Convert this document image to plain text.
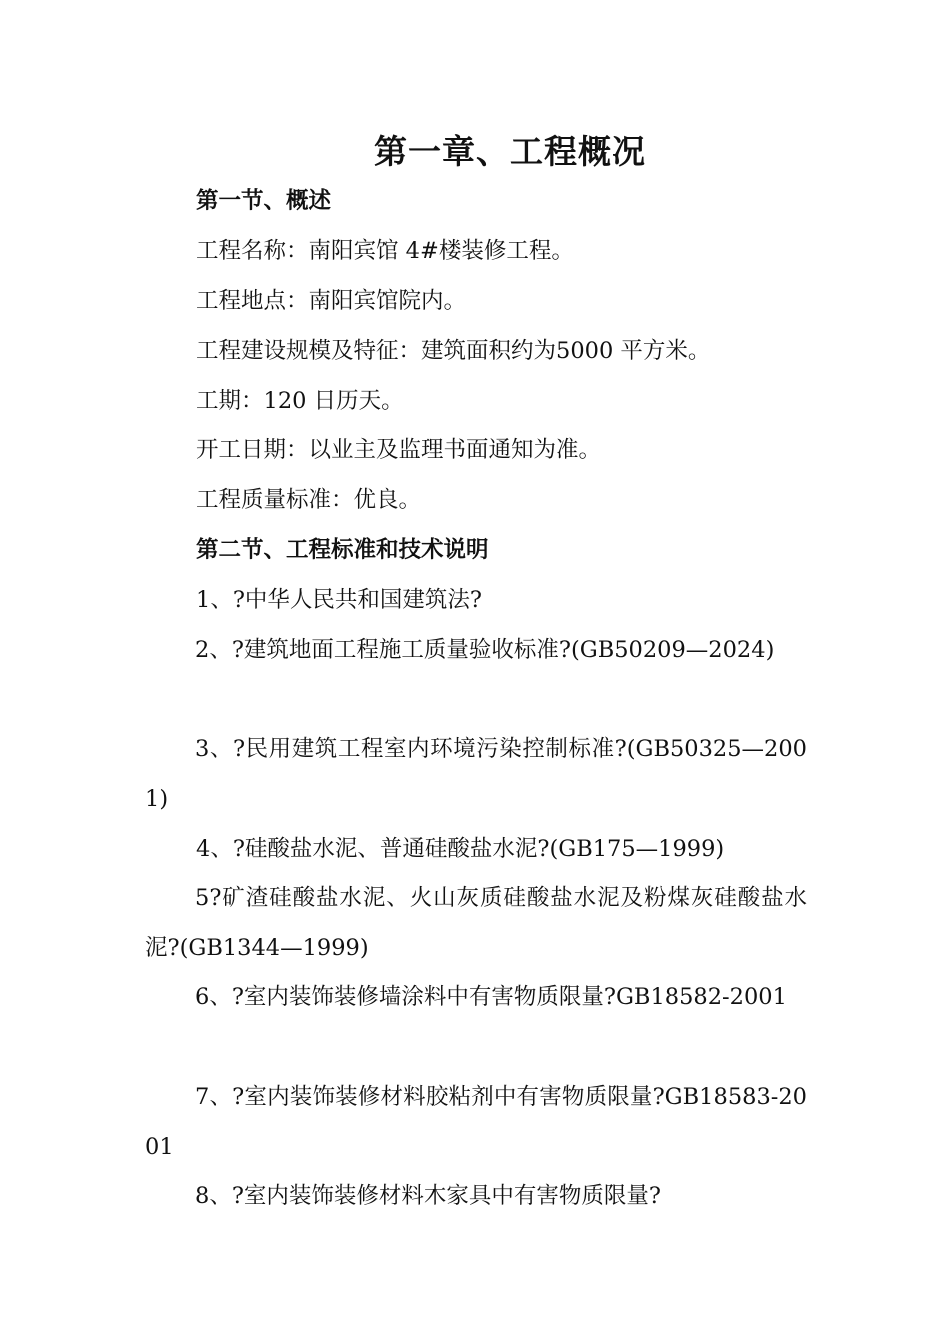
第一章、工程概况
第一节、概述
工程名称：南阳宾馆 4#楼装修工程。
工程地点：南阳宾馆院内。
工程建设规模及特征：建筑面积约为5000 平方米。
工期：120 日历天。
开工日期：以业主及监理书面通知为准。
工程质量标准：优良。
第二节、工程标准和技术说明
1、?中华人民共和国建筑法?
2、?建筑地面工程施工质量验收标准?(GB50209—2024)
3、?民用建筑工程室内环境污染控制标准?(GB50325—2001)
4、?硅酸盐水泥、普通硅酸盐水泥?(GB175—1999)
5?矿渣硅酸盐水泥、火山灰质硅酸盐水泥及粉煤灰硅酸盐水泥?(GB1344—1999)
6、?室内装饰装修墙涂料中有害物质限量?GB18582-2001
7、?室内装饰装修材料胶粘剂中有害物质限量?GB18583-2001
8、?室内装饰装修材料木家具中有害物质限量?
